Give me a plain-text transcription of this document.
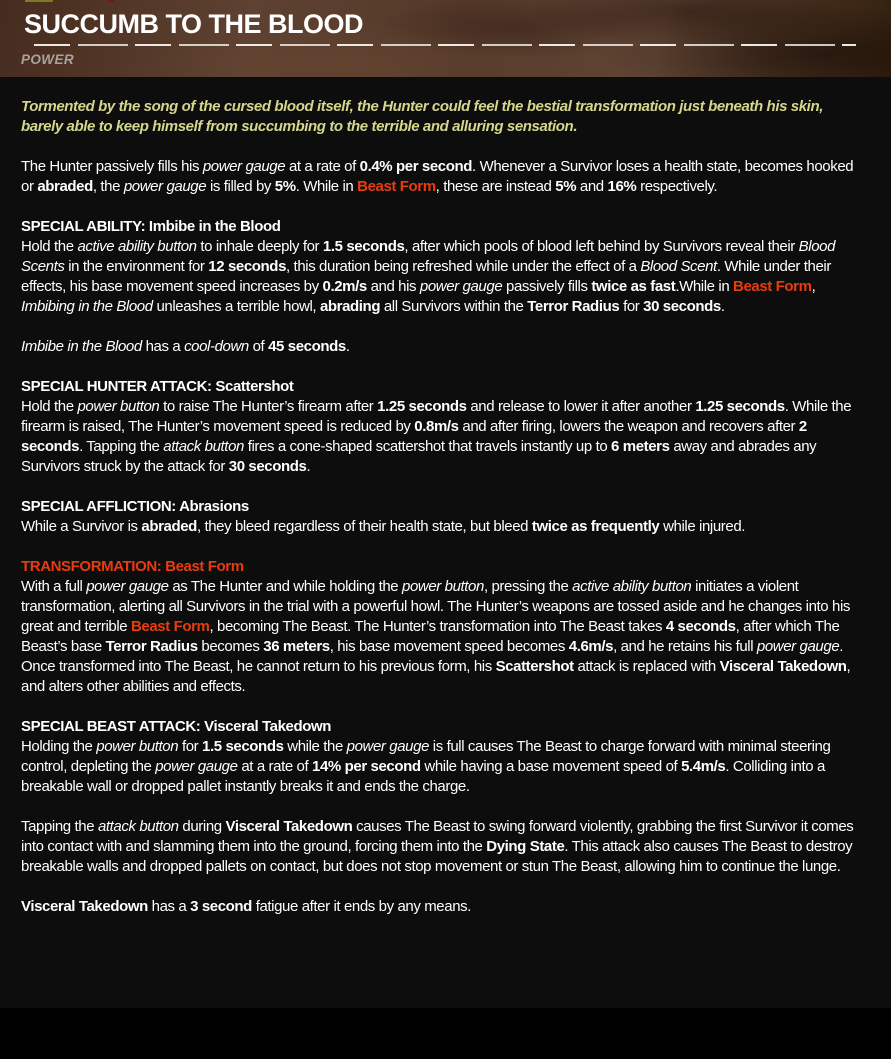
SUCCUMB TO THE BLOOD
POWER

Tormented by the song of the cursed blood itself, the Hunter could feel the bestial transformation just beneath his skin, barely able to keep himself from succumbing to the terrible and alluring sensation.

The Hunter passively fills his power gauge at a rate of 0.4% per second. Whenever a Survivor loses a health state, becomes hooked or abraded, the power gauge is filled by 5%. While in Beast Form, these are instead 5% and 16% respectively.

SPECIAL ABILITY: Imbibe in the Blood

Hold the active ability button to inhale deeply for 1.5 seconds, after which pools of blood left behind by Survivors reveal their Blood Scents in the environment for 12 seconds, this duration being refreshed while under the effect of a Blood Scent. While under their effects, his base movement speed increases by 0.2m/s and his power gauge passively fills twice as fast.While in Beast Form, Imbibing in the Blood unleashes a terrible howl, abrading all Survivors within the Terror Radius for 30 seconds.

Imbibe in the Blood has a cool-down of 45 seconds.

SPECIAL HUNTER ATTACK: Scattershot

Hold the power button to raise The Hunter’s firearm after 1.25 seconds and release to lower it after another 1.25 seconds. While the firearm is raised, The Hunter’s movement speed is reduced by 0.8m/s and after firing, lowers the weapon and recovers after 2 seconds. Tapping the attack button fires a cone-shaped scattershot that travels instantly up to 6 meters away and abrades any Survivors struck by the attack for 30 seconds.

SPECIAL AFFLICTION: Abrasions

While a Survivor is abraded, they bleed regardless of their health state, but bleed twice as frequently while injured.

TRANSFORMATION: Beast Form

With a full power gauge as The Hunter and while holding the power button, pressing the active ability button initiates a violent transformation, alerting all Survivors in the trial with a powerful howl. The Hunter’s weapons are tossed aside and he changes into his great and terrible Beast Form, becoming The Beast. The Hunter’s transformation into The Beast takes 4 seconds, after which The Beast’s base Terror Radius becomes 36 meters, his base movement speed becomes 4.6m/s, and he retains his full power gauge. Once transformed into The Beast, he cannot return to his previous form, his Scattershot attack is replaced with Visceral Takedown, and alters other abilities and effects.

SPECIAL BEAST ATTACK: Visceral Takedown

Holding the power button for 1.5 seconds while the power gauge is full causes The Beast to charge forward with minimal steering control, depleting the power gauge at a rate of 14% per second while having a base movement speed of 5.4m/s. Colliding into a breakable wall or dropped pallet instantly breaks it and ends the charge.

Tapping the attack button during Visceral Takedown causes The Beast to swing forward violently, grabbing the first Survivor it comes into contact with and slamming them into the ground, forcing them into the Dying State. This attack also causes The Beast to destroy breakable walls and dropped pallets on contact, but does not stop movement or stun The Beast, allowing him to continue the lunge.

Visceral Takedown has a 3 second fatigue after it ends by any means.
